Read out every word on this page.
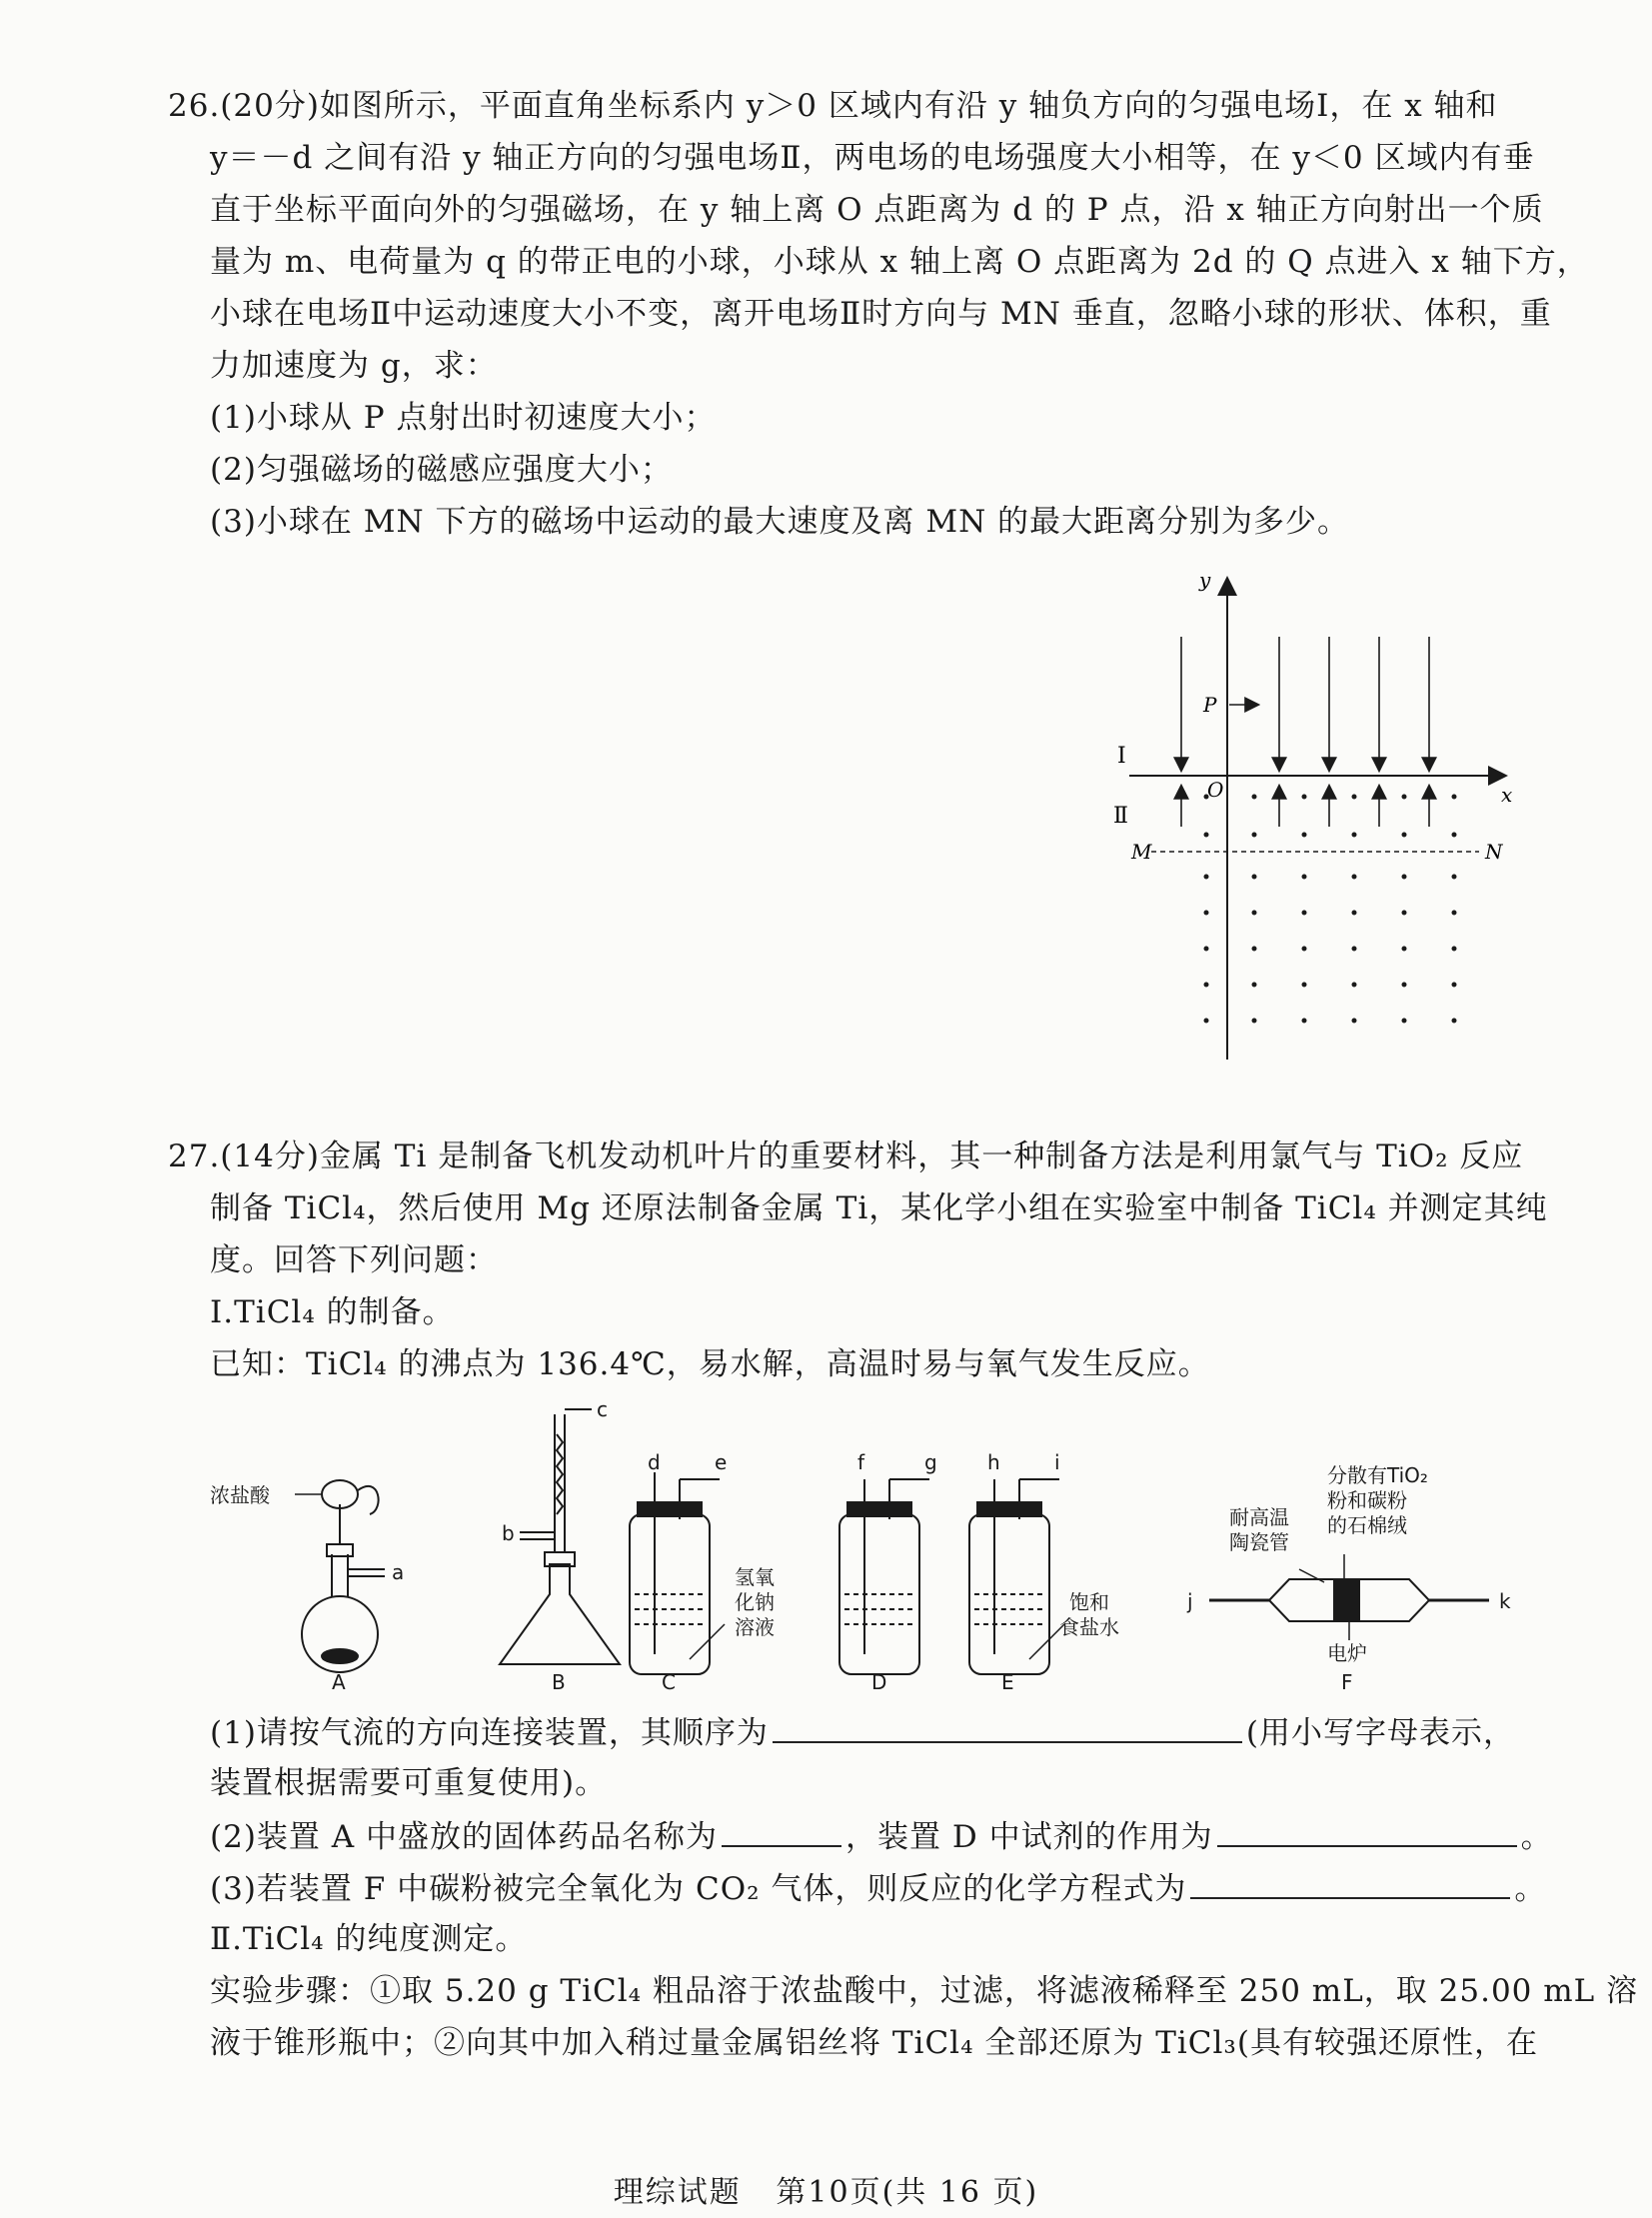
26.(20分)如图所示，平面直角坐标系内 y＞0 区域内有沿 y 轴负方向的匀强电场Ⅰ，在 x 轴和
y＝－d 之间有沿 y 轴正方向的匀强电场Ⅱ，两电场的电场强度大小相等，在 y＜0 区域内有垂
直于坐标平面向外的匀强磁场，在 y 轴上离 O 点距离为 d 的 P 点，沿 x 轴正方向射出一个质
量为 m、电荷量为 q 的带正电的小球，小球从 x 轴上离 O 点距离为 2d 的 Q 点进入 x 轴下方，
小球在电场Ⅱ中运动速度大小不变，离开电场Ⅱ时方向与 MN 垂直，忽略小球的形状、体积，重
力加速度为 g，求：
(1)小球从 P 点射出时初速度大小；
(2)匀强磁场的磁感应强度大小；
(3)小球在 MN 下方的磁场中运动的最大速度及离 MN 的最大距离分别为多少。
y
x
O
P
Ⅰ
Ⅱ
M	N
27.(14分)金属 Ti 是制备飞机发动机叶片的重要材料，其一种制备方法是利用氯气与 TiO₂ 反应
制备 TiCl₄，然后使用 Mg 还原法制备金属 Ti，某化学小组在实验室中制备 TiCl₄ 并测定其纯
度。回答下列问题：
Ⅰ.TiCl₄ 的制备。
已知：TiCl₄ 的沸点为 136.4℃，易水解，高温时易与氧气发生反应。
浓盐酸
a
b
c
d	e	f	g	h	i
j	k
氢氧
化钠
溶液
饱和
食盐水
耐高温
陶瓷管
分散有TiO₂
粉和碳粉
的石棉绒
电炉
A	B	C	D	E	F
(1)请按气流的方向连接装置，其顺序为	(用小写字母表示，
装置根据需要可重复使用)。
(2)装置 A 中盛放的固体药品名称为	，装置 D 中试剂的作用为	。
(3)若装置 F 中碳粉被完全氧化为 CO₂ 气体，则反应的化学方程式为	。
Ⅱ.TiCl₄ 的纯度测定。
实验步骤：①取 5.20 g TiCl₄ 粗品溶于浓盐酸中，过滤，将滤液稀释至 250 mL，取 25.00 mL 溶
液于锥形瓶中；②向其中加入稍过量金属铝丝将 TiCl₄ 全部还原为 TiCl₃(具有较强还原性，在
理综试题   第10页(共 16 页)
